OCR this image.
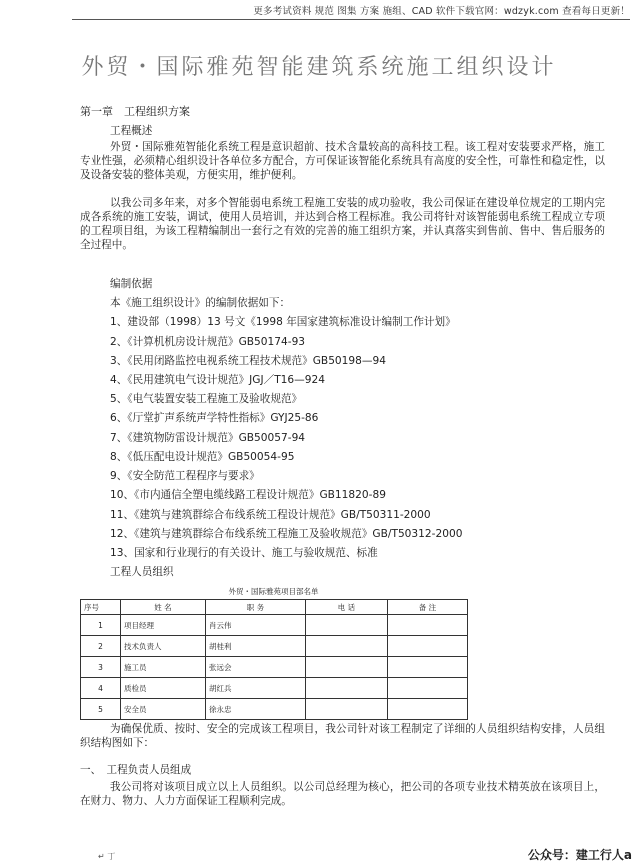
更多考试资料 规范 图集 方案 施组、CAD 软件下载官网：wdzyk.com 查看每日更新！
外贸・国际雅苑智能建筑系统施工组织设计
第一章　工程组织方案
工程概述
外贸・国际雅苑智能化系统工程是意识超前、技术含量较高的高科技工程。该工程对安装要求严格，施工专业性强，必须精心组织设计各单位多方配合，方可保证该智能化系统具有高度的安全性，可靠性和稳定性，以及设备安装的整体美观，方便实用，维护便利。
以我公司多年来，对多个智能弱电系统工程施工安装的成功验收，我公司保证在建设单位规定的工期内完成各系统的施工安装，调试，使用人员培训，并达到合格工程标准。我公司将针对该智能弱电系统工程成立专项的工程项目组，为该工程精编制出一套行之有效的完善的施工组织方案，并认真落实到售前、售中、售后服务的全过程中。
编制依据
本《施工组织设计》的编制依据如下：
1、建设部（1998）13 号文《1998 年国家建筑标准设计编制工作计划》
2、《计算机机房设计规范》GB50174-93
3、《民用闭路监控电视系统工程技术规范》GB50198—94
4、《民用建筑电气设计规范》JGJ／T16—924
5、《电气装置安装工程施工及验收规范》
6、《厅堂扩声系统声学特性指标》GYJ25-86
7、《建筑物防雷设计规范》GB50057-94
8、《低压配电设计规范》GB50054-95
9、《安全防范工程程序与要求》
10、《市内通信全塑电缆线路工程设计规范》GB11820-89
11、《建筑与建筑群综合布线系统工程设计规范》GB/T50311-2000
12、《建筑与建筑群综合布线系统工程施工及验收规范》GB/T50312-2000
13、国家和行业现行的有关设计、施工与验收规范、标准
工程人员组织
外贸・国际雅苑项目部名单
序号	姓 名	职 务	电 话	备 注
1	项目经理	肖云伟		
2	技术负责人	胡桂利		
3	施工员	张远会		
4	质检员	胡红兵		
5	安全员	徐永忠		
为确保优质、按时、安全的完成该工程项目，我公司针对该工程制定了详细的人员组织结构安排，人员组织结构图如下：
一、　工程负责人员组成
我公司将对该项目成立以上人员组织。以公司总经理为核心，把公司的各项专业技术精英放在该项目上，在财力、物力、人力方面保证工程顺利完成。
↵ 丁	公众号：建工行人a
